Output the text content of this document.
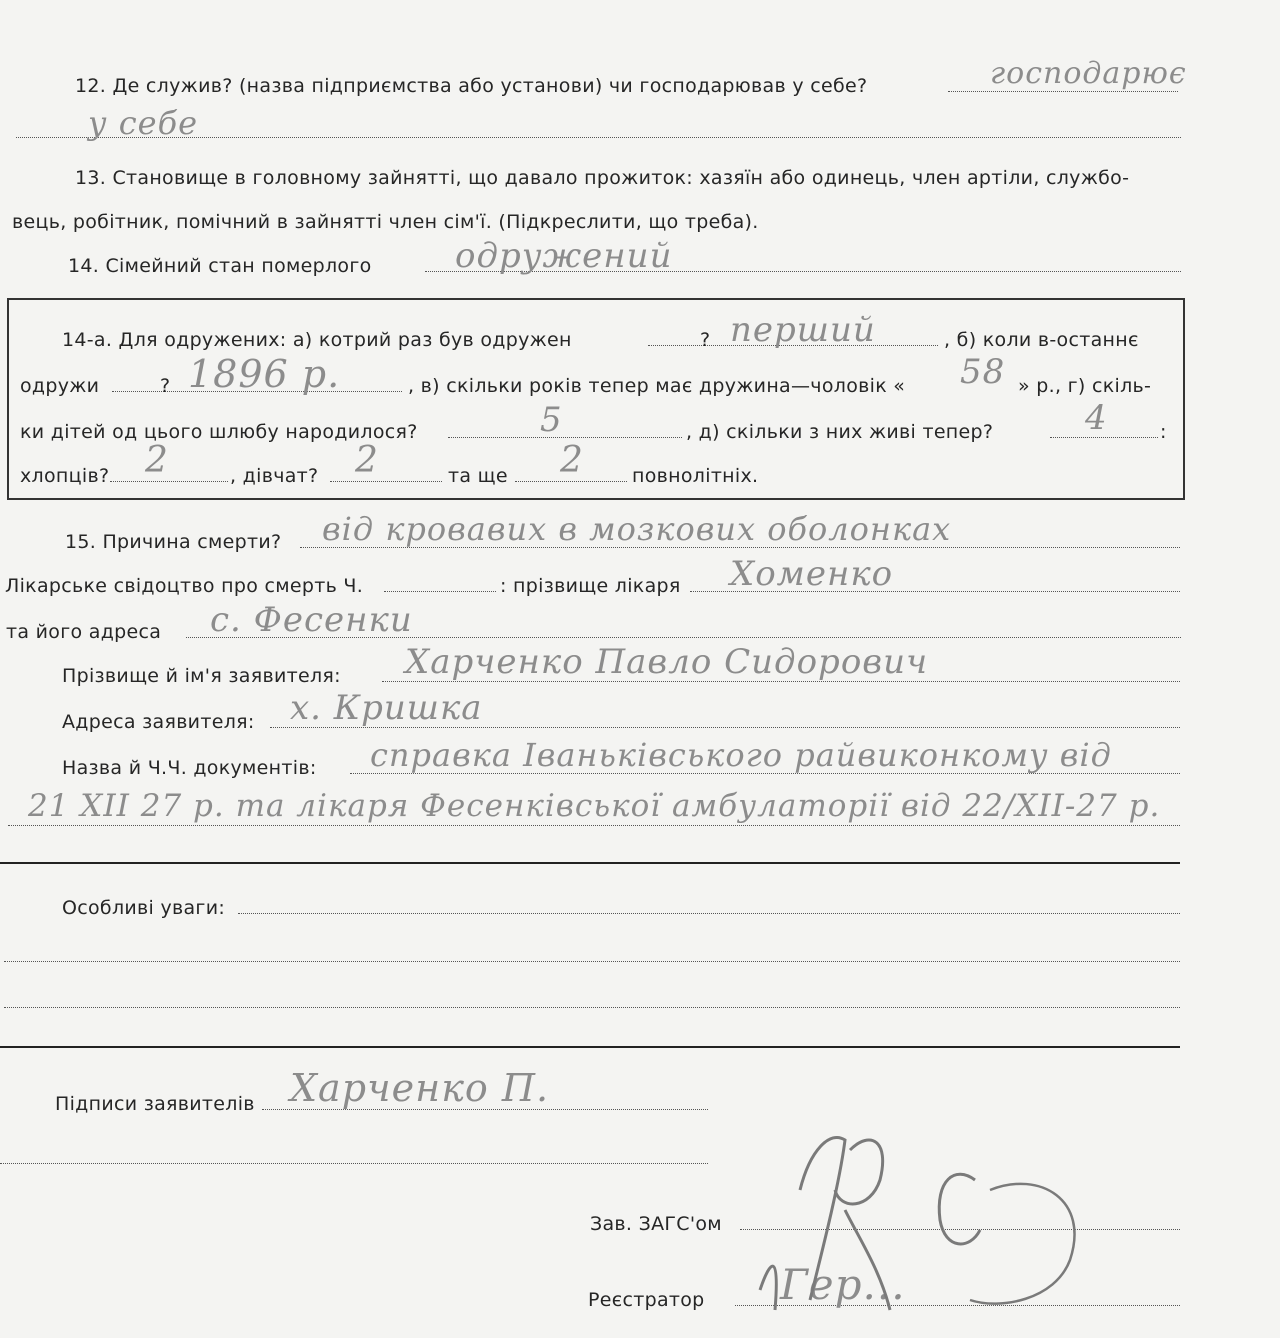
12. Де служив? (назва підприємства або установи) чи господарював у себе?	господарює
у себе
13. Становище в головному зайнятті, що давало прожиток: хазяїн або одинець, член артіли, службо-
вець, робітник, помічний в зайнятті член сім'ї. (Підкреслити, що треба).
14. Сімейний стан померлого одружений
14-а. Для одружених: а) котрий раз був одружен	? перший	, б) коли в-останнє
одружи	? 1896 р.	, в) скільки років тепер має дружина—чоловік « 58 » р., г) скіль-
ки дітей од цього шлюбу народилося?	5	, д) скільки з них живі тепер?	4	:
хлопців? 2	, дівчат? 2	та ще 2	повнолітніх.
15. Причина смерти? від кровавих в мозкових оболонках
Лікарське свідоцтво про смерть Ч.	: прізвище лікаря Хоменко
та його адреса с. Фесенки
Прізвище й ім'я заявителя: Харченко Павло Сидорович
Адреса заявителя: х. Кришка
Назва й Ч.Ч. документів: справка Іваньківського райвиконкому від
21 XII 27 р. та лікаря Фесенківської амбулаторії від 22/XII-27 р.
Особливі уваги:
Підписи заявителів Харченко П.
Зав. ЗАГС'ом
Реєстратор Гер...
